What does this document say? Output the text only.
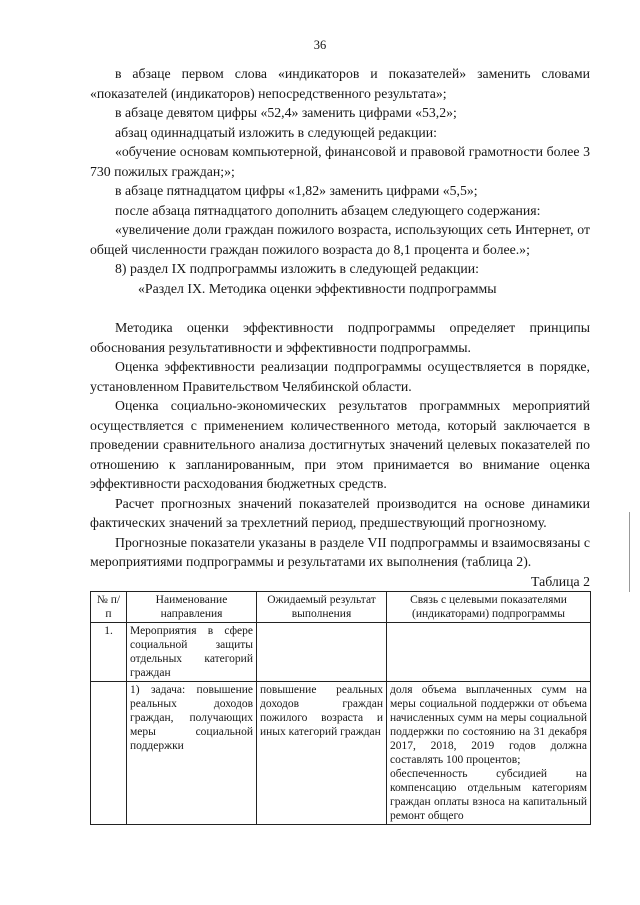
36

в абзаце первом слова «индикаторов и показателей» заменить словами «показателей (индикаторов) непосредственного результата»;

в абзаце девятом цифры «52,4» заменить цифрами «53,2»;

абзац одиннадцатый изложить в следующей редакции:

«обучение основам компьютерной, финансовой и правовой грамотности более 3 730 пожилых граждан;»;

в абзаце пятнадцатом цифры «1,82» заменить цифрами «5,5»;

после абзаца пятнадцатого дополнить абзацем следующего содержания:

«увеличение доли граждан пожилого возраста, использующих сеть Интернет, от общей численности граждан пожилого возраста до 8,1 процента и более.»;

8) раздел IX подпрограммы изложить в следующей редакции:

«Раздел IX. Методика оценки эффективности подпрограммы

Методика оценки эффективности подпрограммы определяет принципы обоснования результативности и эффективности подпрограммы.

Оценка эффективности реализации подпрограммы осуществляется в порядке, установленном Правительством Челябинской области.

Оценка социально-экономических результатов программных мероприятий осуществляется с применением количественного метода, который заключается в проведении сравнительного анализа достигнутых значений целевых показателей по отношению к запланированным, при этом принимается во внимание оценка эффективности расходования бюджетных средств.

Расчет прогнозных значений показателей производится на основе динамики фактических значений за трехлетний период, предшествующий прогнозному.

Прогнозные показатели указаны в разделе VII подпрограммы и взаимосвязаны с мероприятиями подпрограммы и результатами их выполнения (таблица 2).

Таблица 2

№ п/п	Наименование направления	Ожидаемый результат выполнения	Связь с целевыми показателями (индикаторами) подпрограммы
1.	Мероприятия в сфере социальной защиты отдельных категорий граждан		
	1) задача: повышение реальных доходов граждан, получающих меры социальной поддержки	повышение реальных доходов граждан пожилого возраста и иных категорий граждан	доля объема выплаченных сумм на меры социальной поддержки от объема начисленных сумм на меры социальной поддержки по состоянию на 31 декабря 2017, 2018, 2019 годов должна составлять 100 процентов;
обеспеченность субсидией на компенсацию отдельным категориям граждан оплаты взноса на капитальный ремонт общего
